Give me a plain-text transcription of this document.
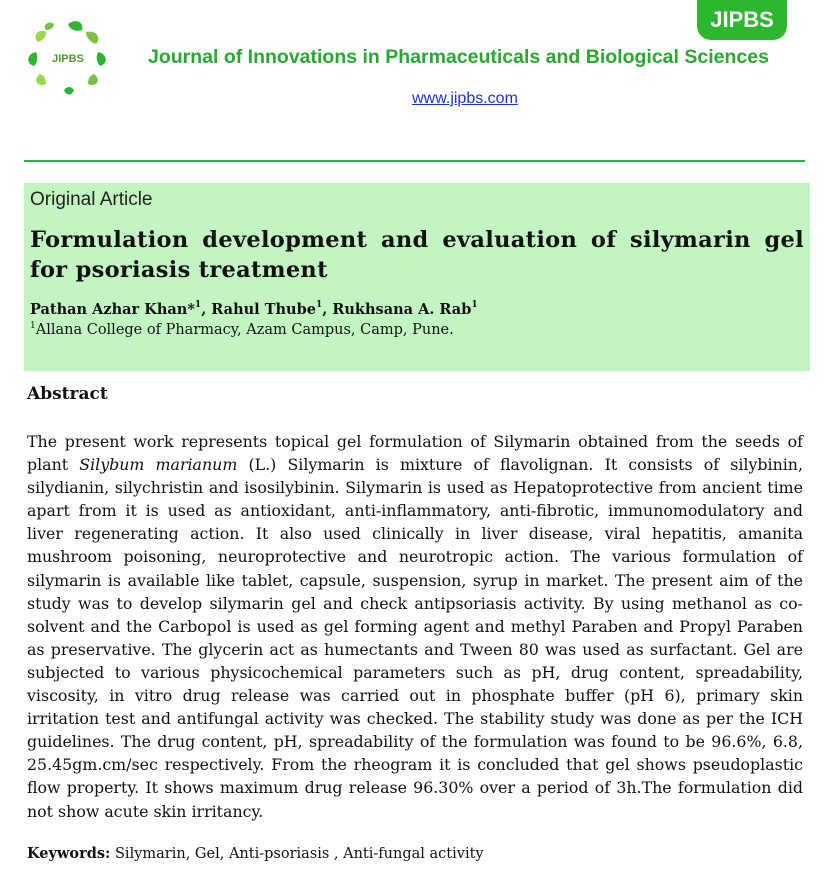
JIPBS
JIPBS
Journal of Innovations in Pharmaceuticals and Biological Sciences
www.jipbs.com
Original Article
Formulation development and evaluation of silymarin gel for psoriasis treatment
Pathan Azhar Khan*$^1$, Rahul Thube$^1$, Rukhsana A. Rab$^1$
$^1$Allana College of Pharmacy, Azam Campus, Camp, Pune.
Abstract

The present work represents topical gel formulation of Silymarin obtained from the seeds of plant Silybum marianum (L.) Silymarin is mixture of flavolignan. It consists of silybinin, silydianin, silychristin and isosilybinin. Silymarin is used as Hepatoprotective from ancient time apart from it is used as antioxidant, anti-inflammatory, anti-fibrotic, immunomodulatory and liver regenerating action. It also used clinically in liver disease, viral hepatitis, amanita mushroom poisoning, neuroprotective and neurotropic action. The various formulation of silymarin is available like tablet, capsule, suspension, syrup in market. The present aim of the study was to develop silymarin gel and check antipsoriasis activity. By using methanol as co-solvent and the Carbopol is used as gel forming agent and methyl Paraben and Propyl Paraben as preservative. The glycerin act as humectants and Tween 80 was used as surfactant. Gel are subjected to various physicochemical parameters such as pH, drug content, spreadability, viscosity, in vitro drug release was carried out in phosphate buffer (pH 6), primary skin irritation test and antifungal activity was checked. The stability study was done as per the ICH guidelines. The drug content, pH, spreadability of the formulation was found to be 96.6%, 6.8, 25.45gm.cm/sec respectively. From the rheogram it is concluded that gel shows pseudoplastic flow property. It shows maximum drug release 96.30% over a period of 3h.The formulation did not show acute skin irritancy.

Keywords: Silymarin, Gel, Anti-psoriasis , Anti-fungal activity
